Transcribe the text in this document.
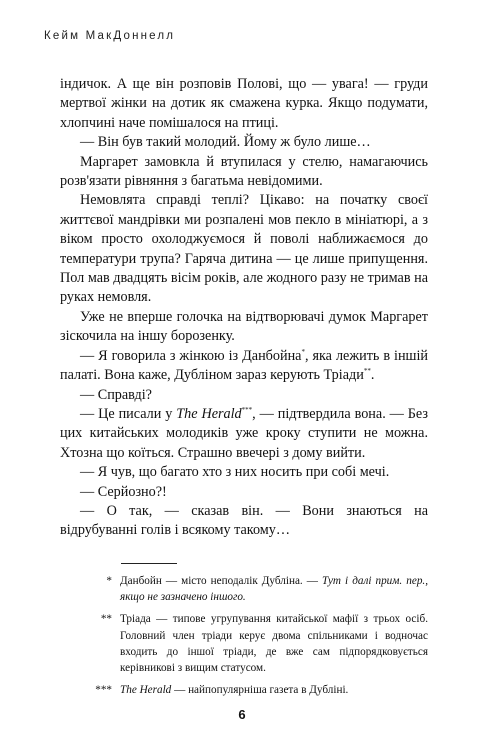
Кейм МакДоннелл

індичок. А ще він розповів Полові, що — увага! — груди мертвої жінки на дотик як смажена курка. Якщо подумати, хлопчині наче помішалося на птиці.

— Він був такий молодий. Йому ж було лише…

Маргарет замовкла й втупилася у стелю, намагаючись розв'язати рівняння з багатьма невідомими.

Немовлята справді теплі? Цікаво: на початку своєї життєвої мандрівки ми розпалені мов пекло в мініатюрі, а з віком просто охолоджуємося й поволі наближаємося до температури трупа? Гаряча дитина — це лише припущення. Пол мав двадцять вісім років, але жодного разу не тримав на руках немовля.

Уже не вперше голочка на відтворювачі думок Маргарет зіскочила на іншу борозенку.

— Я говорила з жінкою із Данбойна*, яка лежить в іншій палаті. Вона каже, Дубліном зараз керують Тріади**.

— Справді?

— Це писали у The Herald***, — підтвердила вона. — Без цих китайських молодиків уже кроку ступити не можна. Хтозна що коїться. Страшно ввечері з дому вийти.

— Я чув, що багато хто з них носить при собі мечі.

— Серйозно?!

— О так, — сказав він. — Вони знаються на відрубуванні голів і всякому такому…

* Данбойн — місто неподалік Дубліна. — Тут і далі прим. пер., якщо не зазначено іншого.
** Тріада — типове угрупування китайської мафії з трьох осіб. Головний член тріади керує двома спільниками і водночас входить до іншої тріади, де вже сам підпорядковується керівникові з вищим статусом.
*** The Herald — найпопулярніша газета в Дубліні.
6
